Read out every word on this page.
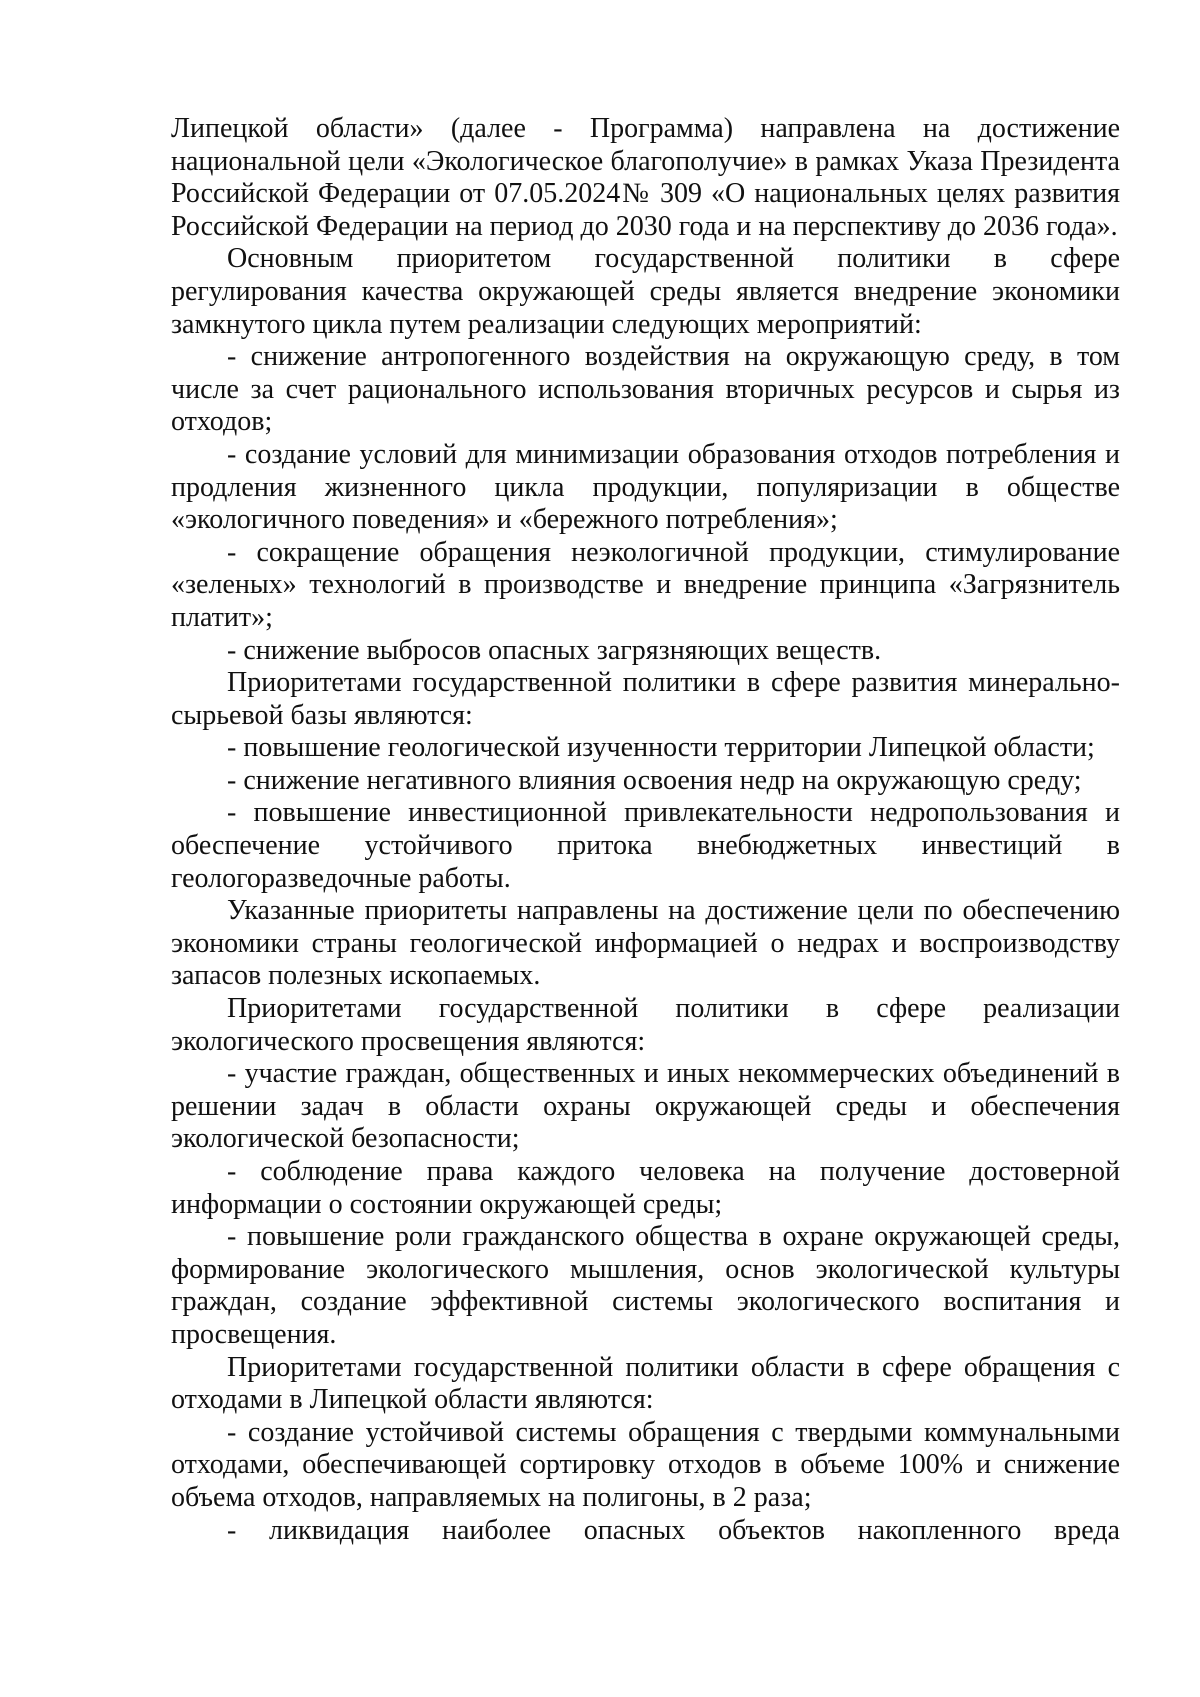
Липецкой области» (далее - Программа) направлена на достижение национальной цели «Экологическое благополучие» в рамках Указа Президента Российской Федерации от 07.05.2024№ 309 «О национальных целях развития Российской Федерации на период до 2030 года и на перспективу до 2036 года».

Основным приоритетом государственной политики в сфере регулирования качества окружающей среды является внедрение экономики замкнутого цикла путем реализации следующих мероприятий:

- снижение антропогенного воздействия на окружающую среду, в том числе за счет рационального использования вторичных ресурсов и сырья из отходов;

- создание условий для минимизации образования отходов потребления и продления жизненного цикла продукции, популяризации в обществе «экологичного поведения» и «бережного потребления»;

- сокращение обращения неэкологичной продукции, стимулирование «зеленых» технологий в производстве и внедрение принципа «Загрязнитель платит»;

- снижение выбросов опасных загрязняющих веществ.

Приоритетами государственной политики в сфере развития минерально-сырьевой базы являются:

- повышение геологической изученности территории Липецкой области;

- снижение негативного влияния освоения недр на окружающую среду;

- повышение инвестиционной привлекательности недропользования и обеспечение устойчивого притока внебюджетных инвестиций в геологоразведочные работы.

Указанные приоритеты направлены на достижение цели по обеспечению экономики страны геологической информацией о недрах и воспроизводству запасов полезных ископаемых.

Приоритетами государственной политики в сфере реализации экологического просвещения являются:

- участие граждан, общественных и иных некоммерческих объединений в решении задач в области охраны окружающей среды и обеспечения экологической безопасности;

- соблюдение права каждого человека на получение достоверной информации о состоянии окружающей среды;

- повышение роли гражданского общества в охране окружающей среды, формирование экологического мышления, основ экологической культуры граждан, создание эффективной системы экологического воспитания и просвещения.

Приоритетами государственной политики области в сфере обращения с отходами в Липецкой области являются:

- создание устойчивой системы обращения с твердыми коммунальными отходами, обеспечивающей сортировку отходов в объеме 100% и снижение объема отходов, направляемых на полигоны, в 2 раза;

- ликвидация наиболее опасных объектов накопленного вреда
